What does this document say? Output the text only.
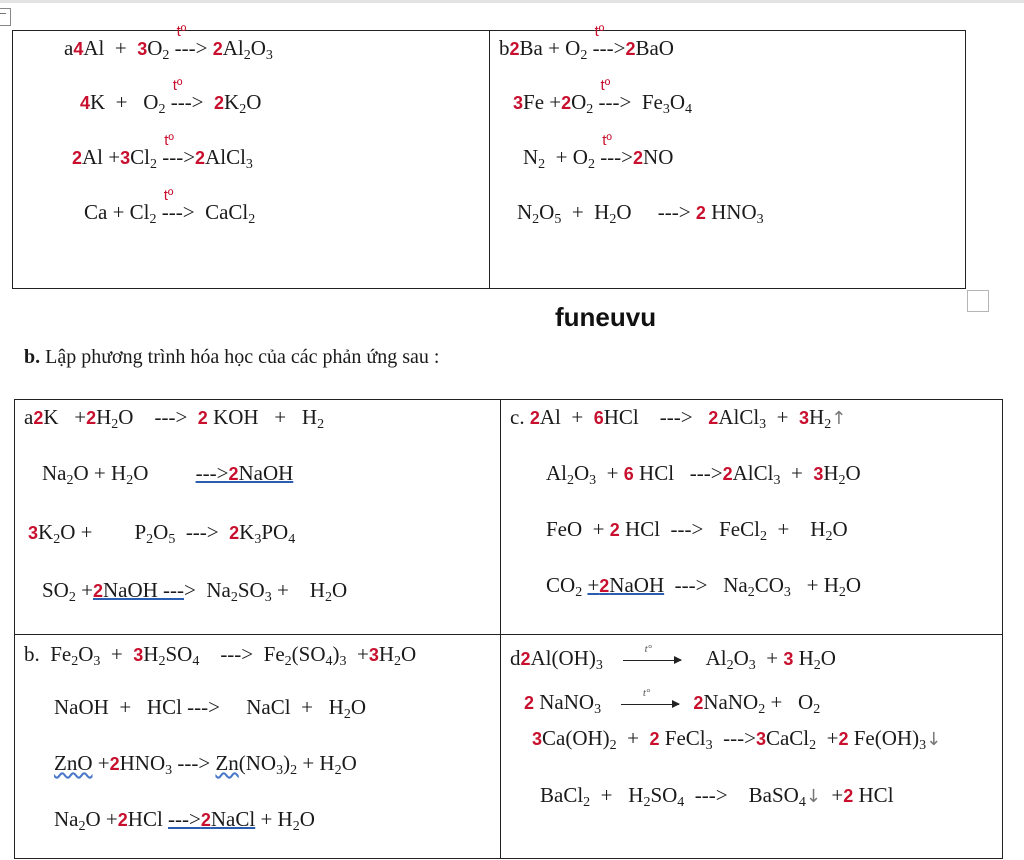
a4Al  +  3O2
tº
---> 2Al2O3
4K  +   O2
tº
---> 2K2O
2Al +3Cl2
tº
--->2AlCl3
Ca + Cl2
tº
--->  CaCl2
b2Ba + O2
tº
--->2BaO
3Fe +2O2
tº
--->  Fe3O4
N2  + O2
tº
--->2NO
N2O5  +  H2O     ---> 2 HNO3
funeuvu
b. Lập phương trình hóa học của các phản ứng sau :
a2K   +2H2O    ---> 2 KOH   +   H2
Na2O + H2O         --->2NaOH
3K2O +        P2O5 ---> 2K3PO4
SO2 +2NaOH --->  Na2SO3 +    H2O
c. 2Al  +  6HCl    ---> 2AlCl3  +  3H2↑
Al2O3  + 6 HCl   --->2AlCl3  +  3H2O
FeO  + 2 HCl  --->   FeCl2  +    H2O
CO2 +2NaOH --->   Na2CO3   + H2O
b.  Fe2O3  +  3H2SO4 --->  Fe2(SO4)3  +3H2O
NaOH  +   HCl --->     NaCl  +   H2O
ZnO +2HNO3 ---> Zn(NO3)2 + H2O
Na2O +2HCl --->2NaCl + H2O
d2Al(OH)3
t° Al2O3  + 3 H2O
2 NaNO3
t°
2NaNO2 +   O2
3Ca(OH)2  +  2 FeCl3  --->3CaCl2  +2 Fe(OH)3↓
BaCl2  +   H2SO4 --->    BaSO4↓  +2 HCl
